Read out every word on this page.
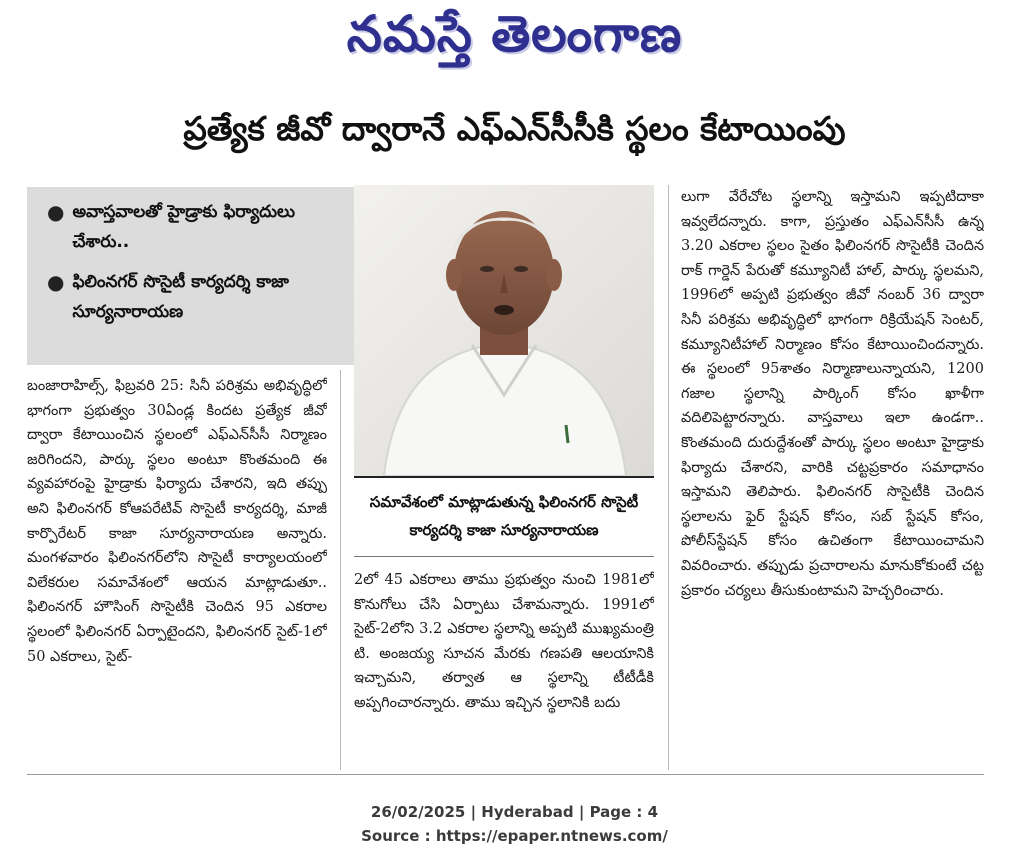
నమస్తే తెలంగాణ
ప్రత్యేక జీవో ద్వారానే ఎఫ్ఎన్‌సీసీకి స్థలం కేటాయింపు
● అవాస్తవాలతో హైడ్రాకు ఫిర్యాదులు చేశారు..
● ఫిలింనగర్ సొసైటీ కార్యదర్శి కాజా సూర్యనారాయణ

బంజారాహిల్స్, ఫిబ్రవరి 25: సినీ పరిశ్రమ అభివృద్ధిలో భాగంగా ప్రభుత్వం 30ఏండ్ల కిందట ప్రత్యేక జీవో ద్వారా కేటాయించిన స్థలంలో ఎఫ్ఎన్‌సీసీ నిర్మాణం జరిగిందని, పార్కు స్థలం అంటూ కొంతమంది ఈ వ్యవహారంపై హైడ్రాకు ఫిర్యాదు చేశారని, ఇది తప్పు అని ఫిలింనగర్ కోఆపరేటివ్ సొసైటీ కార్యదర్శి, మాజీ కార్పొరేటర్ కాజా సూర్యనారాయణ అన్నారు. మంగళవారం ఫిలింనగర్‌లోని సొసైటీ కార్యాలయంలో విలేకరుల సమావేశంలో ఆయన మాట్లాడుతూ.. ఫిలింనగర్ హౌసింగ్ సొసైటీకి చెందిన 95 ఎకరాల స్థలంలో ఫిలింనగర్ ఏర్పాటైందని, ఫిలింనగర్ సైట్-1లో 50 ఎకరాలు, సైట్-

సమావేశంలో మాట్లాడుతున్న ఫిలింనగర్ సొసైటీ కార్యదర్శి కాజా సూర్యనారాయణ

2లో 45 ఎకరాలు తాము ప్రభుత్వం నుంచి 1981లో కొనుగోలు చేసి ఏర్పాటు చేశామన్నారు. 1991లో సైట్-2లోని 3.2 ఎకరాల స్థలాన్ని అప్పటి ముఖ్యమంత్రి టి. అంజయ్య సూచన మేరకు గణపతి ఆలయానికి ఇచ్చామని, తర్వాత ఆ స్థలాన్ని టీటీడీకి అప్పగించారన్నారు. తాము ఇచ్చిన స్థలానికి బదు

లుగా వేరేచోట స్థలాన్ని ఇస్తామని ఇప్పటిదాకా ఇవ్వలేదన్నారు. కాగా, ప్రస్తుతం ఎఫ్ఎన్‌సీసీ ఉన్న 3.20 ఎకరాల స్థలం సైతం ఫిలింనగర్ సొసైటీకి చెందిన రాక్ గార్డెన్ పేరుతో కమ్యూనిటీ హాల్, పార్కు స్థలమని, 1996లో అప్పటి ప్రభుత్వం జీవో నంబర్ 36 ద్వారా సినీ పరిశ్రమ అభివృద్ధిలో భాగంగా రిక్రియేషన్ సెంటర్, కమ్యూనిటీహాల్ నిర్మాణం కోసం కేటాయించిందన్నారు. ఈ స్థలంలో 95శాతం నిర్మాణాలున్నాయని, 1200 గజాల స్థలాన్ని పార్కింగ్ కోసం ఖాళీగా వదిలిపెట్టారన్నారు. వాస్తవాలు ఇలా ఉండగా.. కొంతమంది దురుద్దేశంతో పార్కు స్థలం అంటూ హైడ్రాకు ఫిర్యాదు చేశారని, వారికి చట్టప్రకారం సమాధానం ఇస్తామని తెలిపారు. ఫిలింనగర్ సొసైటీకి చెందిన స్థలాలను ఫైర్ స్టేషన్ కోసం, సబ్ స్టేషన్ కోసం, పోలీస్‌స్టేషన్ కోసం ఉచితంగా కేటాయించామని వివరించారు. తప్పుడు ప్రచారాలను మానుకోకుంటే చట్ట ప్రకారం చర్యలు తీసుకుంటామని హెచ్చరించారు.

26/02/2025 | Hyderabad | Page : 4
Source : https://epaper.ntnews.com/
